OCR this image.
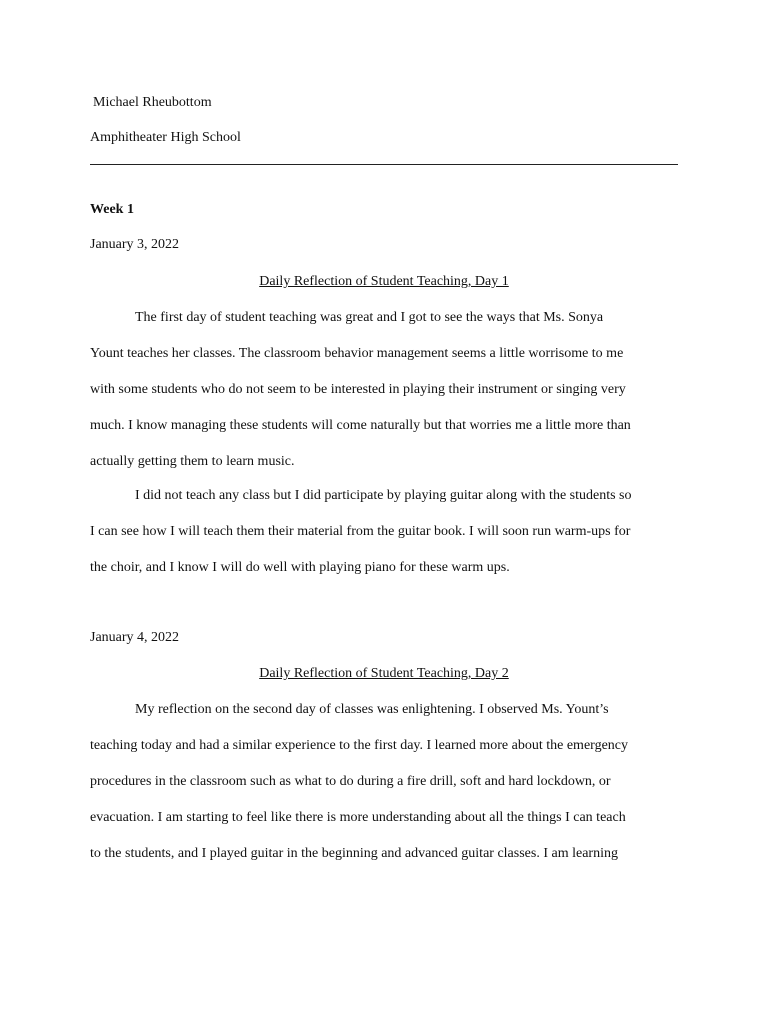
Michael Rheubottom
Amphitheater High School
Week 1
January 3, 2022
Daily Reflection of Student Teaching, Day 1
The first day of student teaching was great and I got to see the ways that Ms. Sonya
Yount teaches her classes. The classroom behavior management seems a little worrisome to me
with some students who do not seem to be interested in playing their instrument or singing very
much. I know managing these students will come naturally but that worries me a little more than
actually getting them to learn music.
I did not teach any class but I did participate by playing guitar along with the students so
I can see how I will teach them their material from the guitar book. I will soon run warm-ups for
the choir, and I know I will do well with playing piano for these warm ups.
January 4, 2022
Daily Reflection of Student Teaching, Day 2
My reflection on the second day of classes was enlightening. I observed Ms. Yount’s
teaching today and had a similar experience to the first day. I learned more about the emergency
procedures in the classroom such as what to do during a fire drill, soft and hard lockdown, or
evacuation. I am starting to feel like there is more understanding about all the things I can teach
to the students, and I played guitar in the beginning and advanced guitar classes. I am learning
